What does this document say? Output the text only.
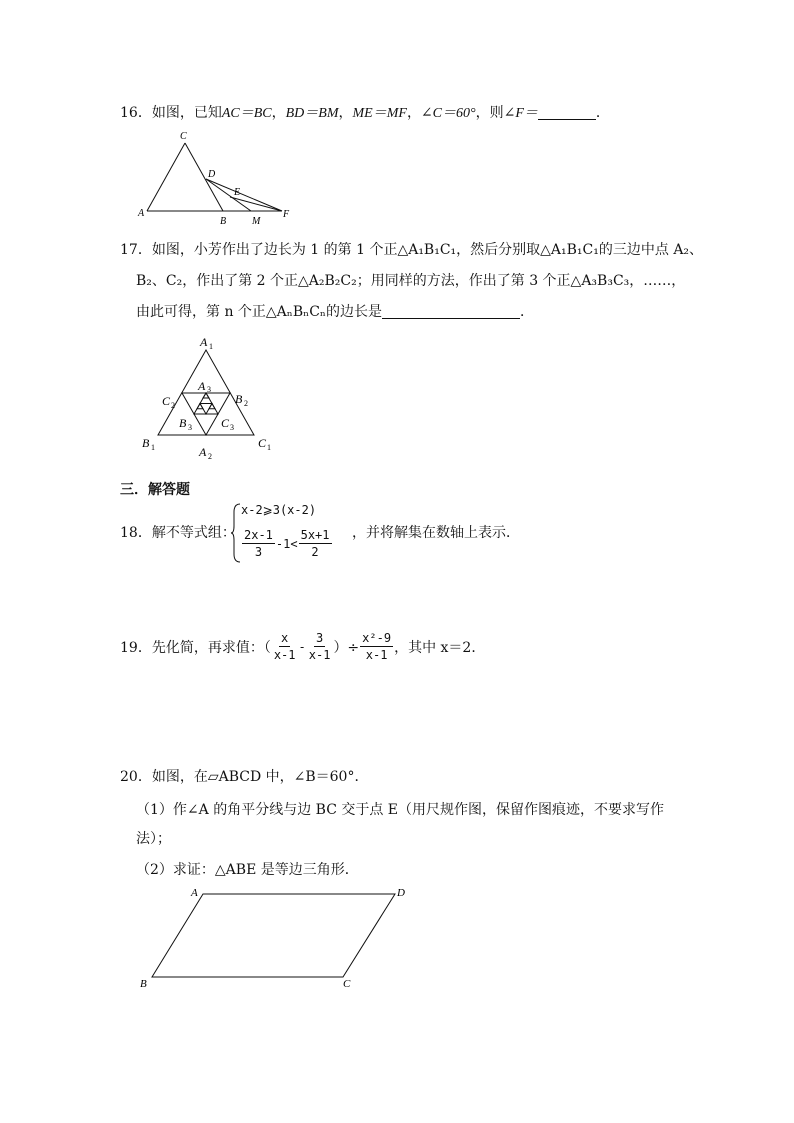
16．如图，已知AC＝BC，BD＝BM，ME＝MF，∠C＝60°，则∠F＝	．
C
D
E
A
B	M
F
17．如图，小芳作出了边长为 1 的第 1 个正△A₁B₁C₁，然后分别取△A₁B₁C₁的三边中点 A₂、
B₂、C₂，作出了第 2 个正△A₂B₂C₂；用同样的方法，作出了第 3 个正△A₃B₃C₃，……，
由此可得，第 n 个正△AₙBₙCₙ的边长是	．
A 1
A 3
C 2	B 2
B 3 C 3
B 1	C 1
A 2
三．解答题
18．解不等式组：
x-2⩾3(x-2)
$\frac{2x-1}{3} -1< \frac{5x+1}{2}$ ，并将解集在数轴上表示．
19．先化简，再求值：（ $\frac{x}{x-1} - \frac{3}{x-1}$ ）÷ $\frac{\text{x²-9}}{x-1}$ ，其中 x＝2．
20．如图，在▱ABCD 中，∠B＝60°．
（1）作∠A 的角平分线与边 BC 交于点 E（用尺规作图，保留作图痕迹，不要求写作
法）；
（2）求证：△ABE 是等边三角形．
A	D
B	C
